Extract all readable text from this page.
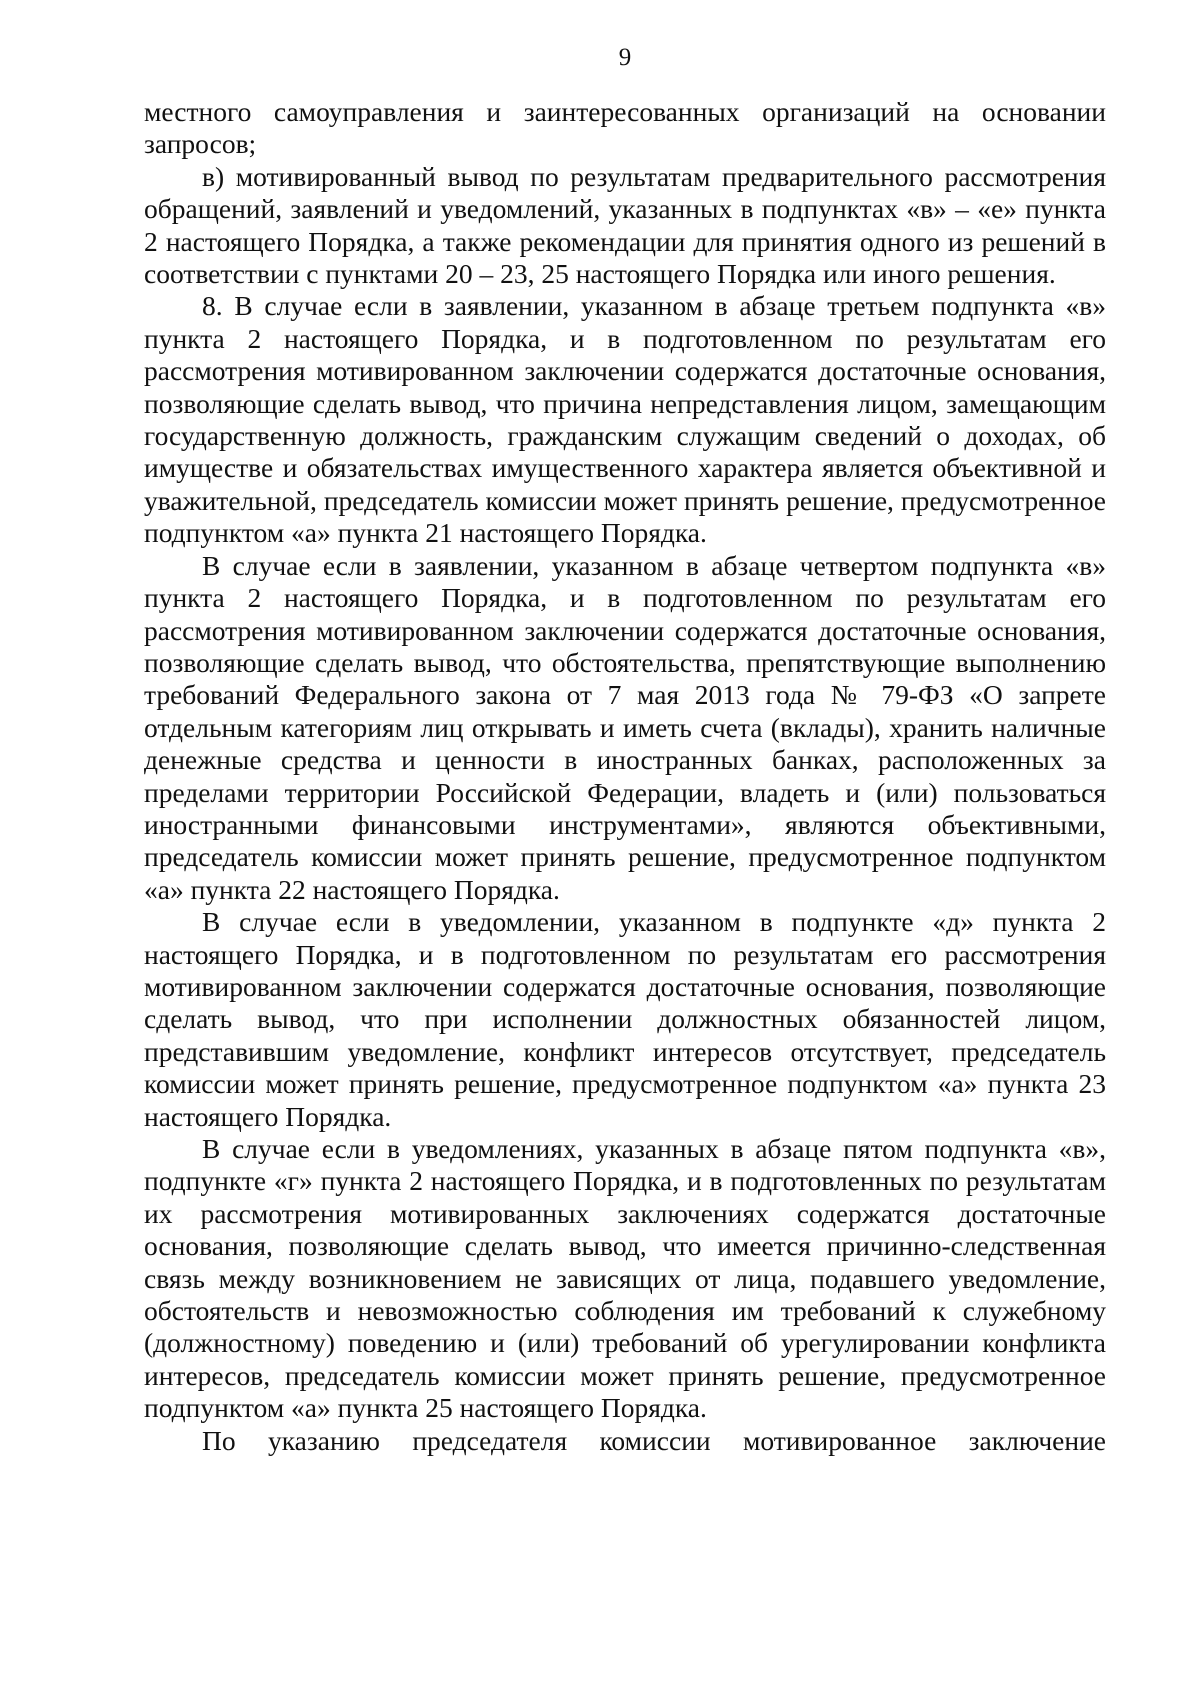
9

местного самоуправления и заинтересованных организаций на основании запросов;

в) мотивированный вывод по результатам предварительного рассмотрения обращений, заявлений и уведомлений, указанных в подпунктах «в» – «е» пункта 2 настоящего Порядка, а также рекомендации для принятия одного из решений в соответствии с пунктами 20 – 23, 25 настоящего Порядка или иного решения.

8. В случае если в заявлении, указанном в абзаце третьем подпункта «в» пункта 2 настоящего Порядка, и в подготовленном по результатам его рассмотрения мотивированном заключении содержатся достаточные основания, позволяющие сделать вывод, что причина непредставления лицом, замещающим государственную должность, гражданским служащим сведений о доходах, об имуществе и обязательствах имущественного характера является объективной и уважительной, председатель комиссии может принять решение, предусмотренное подпунктом «а» пункта 21 настоящего Порядка.

В случае если в заявлении, указанном в абзаце четвертом подпункта «в» пункта 2 настоящего Порядка, и в подготовленном по результатам его рассмотрения мотивированном заключении содержатся достаточные основания, позволяющие сделать вывод, что обстоятельства, препятствующие выполнению требований Федерального закона от 7 мая 2013 года № 79-ФЗ «О запрете отдельным категориям лиц открывать и иметь счета (вклады), хранить наличные денежные средства и ценности в иностранных банках, расположенных за пределами территории Российской Федерации, владеть и (или) пользоваться иностранными финансовыми инструментами», являются объективными, председатель комиссии может принять решение, предусмотренное подпунктом «а» пункта 22 настоящего Порядка.

В случае если в уведомлении, указанном в подпункте «д» пункта 2 настоящего Порядка, и в подготовленном по результатам его рассмотрения мотивированном заключении содержатся достаточные основания, позволяющие сделать вывод, что при исполнении должностных обязанностей лицом, представившим уведомление, конфликт интересов отсутствует, председатель комиссии может принять решение, предусмотренное подпунктом «а» пункта 23 настоящего Порядка.

В случае если в уведомлениях, указанных в абзаце пятом подпункта «в», подпункте «г» пункта 2 настоящего Порядка, и в подготовленных по результатам их рассмотрения мотивированных заключениях содержатся достаточные основания, позволяющие сделать вывод, что имеется причинно-следственная связь между возникновением не зависящих от лица, подавшего уведомление, обстоятельств и невозможностью соблюдения им требований к служебному (должностному) поведению и (или) требований об урегулировании конфликта интересов, председатель комиссии может принять решение, предусмотренное подпунктом «а» пункта 25 настоящего Порядка.

По указанию председателя комиссии мотивированное заключение
